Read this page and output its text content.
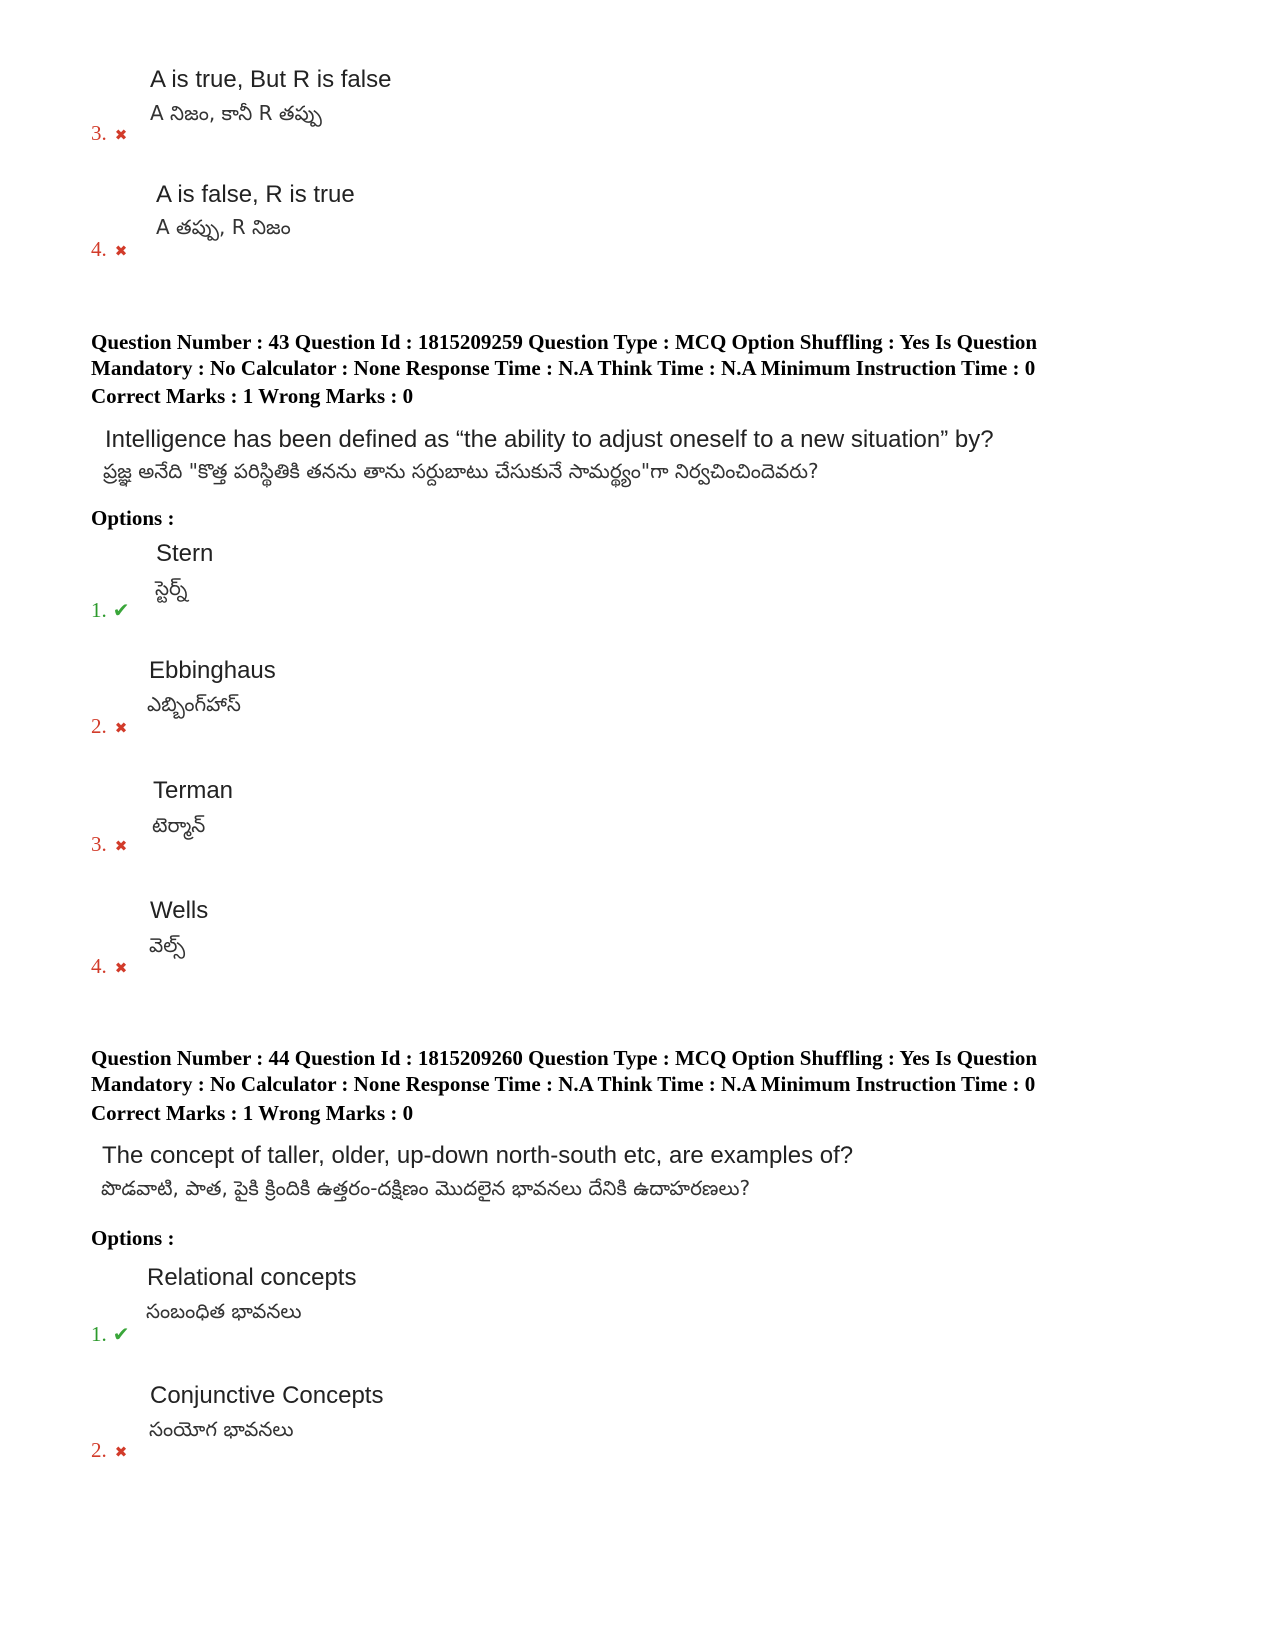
A is true, But R is false
A నిజం, కానీ R తప్పు
3. ✖
A is false, R is true
A తప్పు, R నిజం
4. ✖
Question Number : 43 Question Id : 1815209259 Question Type : MCQ Option Shuffling : Yes Is Question
Mandatory : No Calculator : None Response Time : N.A Think Time : N.A Minimum Instruction Time : 0
Correct Marks : 1 Wrong Marks : 0
Intelligence has been defined as “the ability to adjust oneself to a new situation” by?
ప్రజ్ఞ అనేది "కొత్త పరిస్థితికి తనను తాను సర్దుబాటు చేసుకునే సామర్థ్యం"గా నిర్వచించిందెవరు?
Options :
Stern
స్టెర్న్
1. ✔
Ebbinghaus
ఎబ్బింగ్‌హాస్
2. ✖
Terman
టెర్మాన్
3. ✖
Wells
వెల్స్
4. ✖
Question Number : 44 Question Id : 1815209260 Question Type : MCQ Option Shuffling : Yes Is Question
Mandatory : No Calculator : None Response Time : N.A Think Time : N.A Minimum Instruction Time : 0
Correct Marks : 1 Wrong Marks : 0
The concept of taller, older, up-down north-south etc, are examples of?
పొడవాటి, పాత, పైకి క్రిందికి ఉత్తరం-దక్షిణం మొదలైన భావనలు దేనికి ఉదాహరణలు?
Options :
Relational concepts
సంబంధిత భావనలు
1. ✔
Conjunctive Concepts
సంయోగ భావనలు
2. ✖
